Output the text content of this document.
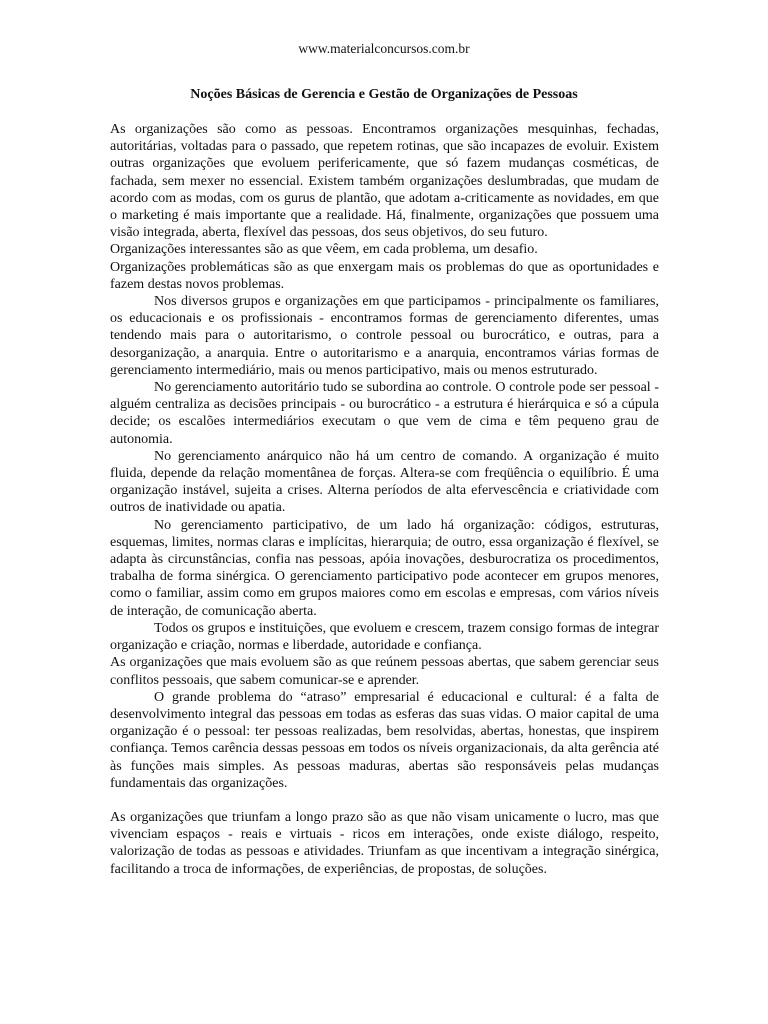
www.materialconcursos.com.br
Noções Básicas de Gerencia e Gestão de Organizações de Pessoas

As organizações são como as pessoas. Encontramos organizações mesquinhas, fechadas, autoritárias, voltadas para o passado, que repetem rotinas, que são incapazes de evoluir. Existem outras organizações que evoluem perifericamente, que só fazem mudanças cosméticas, de fachada, sem mexer no essencial. Existem também organizações deslumbradas, que mudam de acordo com as modas, com os gurus de plantão, que adotam a-criticamente as novidades, em que o marketing é mais importante que a realidade. Há, finalmente, organizações que possuem uma visão integrada, aberta, flexível das pessoas, dos seus objetivos, do seu futuro.

Organizações interessantes são as que vêem, em cada problema, um desafio.

Organizações problemáticas são as que enxergam mais os problemas do que as oportunidades e fazem destas novos problemas.

Nos diversos grupos e organizações em que participamos - principalmente os familiares, os educacionais e os profissionais - encontramos formas de gerenciamento diferentes, umas tendendo mais para o autoritarismo, o controle pessoal ou burocrático, e outras, para a desorganização, a anarquia. Entre o autoritarismo e a anarquia, encontramos várias formas de gerenciamento intermediário, mais ou menos participativo, mais ou menos estruturado.

No gerenciamento autoritário tudo se subordina ao controle. O controle pode ser pessoal - alguém centraliza as decisões principais - ou burocrático - a estrutura é hierárquica e só a cúpula decide; os escalões intermediários executam o que vem de cima e têm pequeno grau de autonomia.

No gerenciamento anárquico não há um centro de comando. A organização é muito fluida, depende da relação momentânea de forças. Altera-se com freqüência o equilíbrio. É uma organização instável, sujeita a crises. Alterna períodos de alta efervescência e criatividade com outros de inatividade ou apatia.

No gerenciamento participativo, de um lado há organização: códigos, estruturas, esquemas, limites, normas claras e implícitas, hierarquia; de outro, essa organização é flexível, se adapta às circunstâncias, confia nas pessoas, apóia inovações, desburocratiza os procedimentos, trabalha de forma sinérgica. O gerenciamento participativo pode acontecer em grupos menores, como o familiar, assim como em grupos maiores como em escolas e empresas, com vários níveis de interação, de comunicação aberta.

Todos os grupos e instituições, que evoluem e crescem, trazem consigo formas de integrar organização e criação, normas e liberdade, autoridade e confiança.

As organizações que mais evoluem são as que reúnem pessoas abertas, que sabem gerenciar seus conflitos pessoais, que sabem comunicar-se e aprender.

O grande problema do “atraso” empresarial é educacional e cultural: é a falta de desenvolvimento integral das pessoas em todas as esferas das suas vidas. O maior capital de uma organização é o pessoal: ter pessoas realizadas, bem resolvidas, abertas, honestas, que inspirem confiança. Temos carência dessas pessoas em todos os níveis organizacionais, da alta gerência até às funções mais simples. As pessoas maduras, abertas são responsáveis pelas mudanças fundamentais das organizações.

As organizações que triunfam a longo prazo são as que não visam unicamente o lucro, mas que vivenciam espaços - reais e virtuais - ricos em interações, onde existe diálogo, respeito, valorização de todas as pessoas e atividades. Triunfam as que incentivam a integração sinérgica, facilitando a troca de informações, de experiências, de propostas, de soluções.
